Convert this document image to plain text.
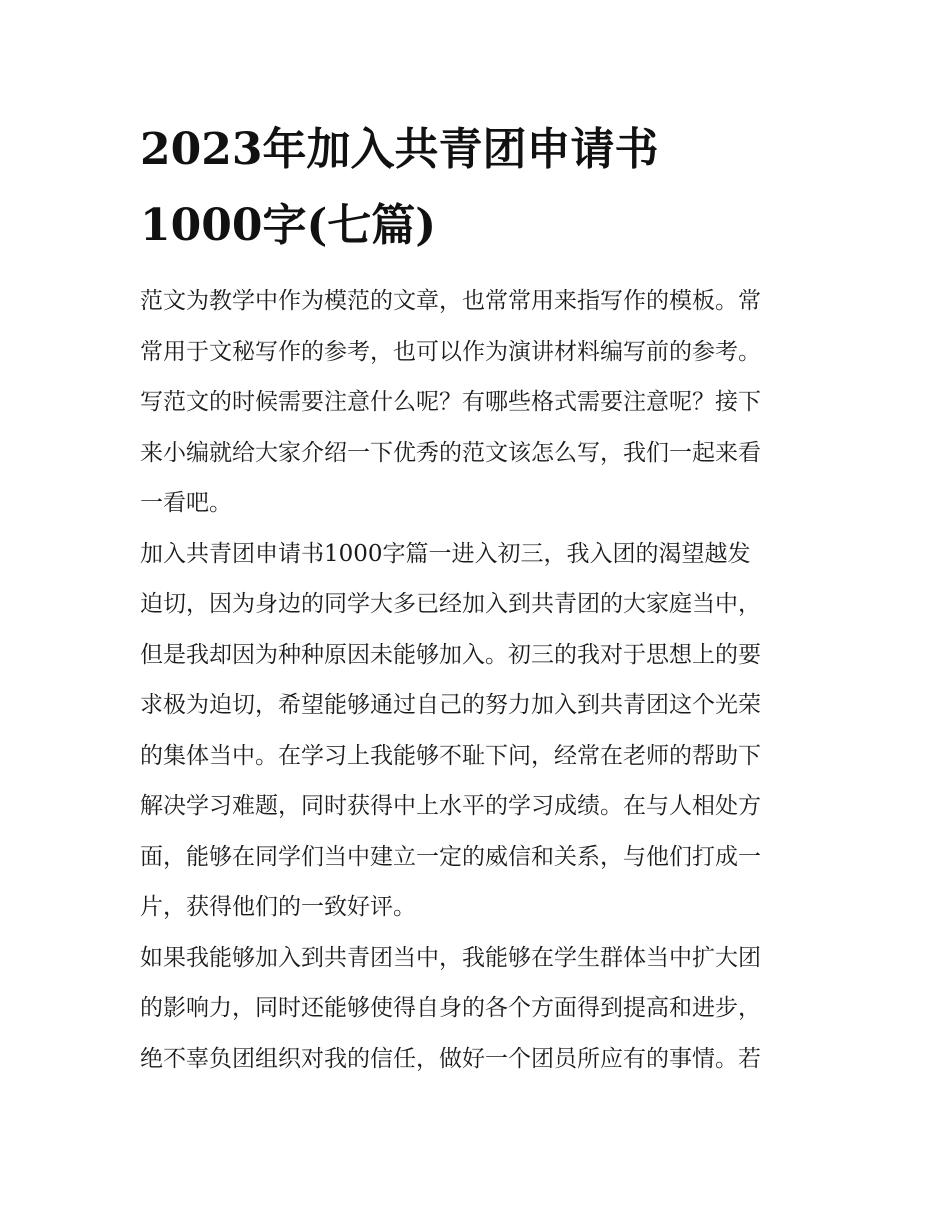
2023年加入共青团申请书
1000字(七篇)
范文为教学中作为模范的文章，也常常用来指写作的模板。常
常用于文秘写作的参考，也可以作为演讲材料编写前的参考。
写范文的时候需要注意什么呢？有哪些格式需要注意呢？接下
来小编就给大家介绍一下优秀的范文该怎么写，我们一起来看
一看吧。
加入共青团申请书1000字篇一进入初三，我入团的渴望越发
迫切，因为身边的同学大多已经加入到共青团的大家庭当中，
但是我却因为种种原因未能够加入。初三的我对于思想上的要
求极为迫切，希望能够通过自己的努力加入到共青团这个光荣
的集体当中。在学习上我能够不耻下问，经常在老师的帮助下
解决学习难题，同时获得中上水平的学习成绩。在与人相处方
面，能够在同学们当中建立一定的威信和关系，与他们打成一
片，获得他们的一致好评。
如果我能够加入到共青团当中，我能够在学生群体当中扩大团
的影响力，同时还能够使得自身的各个方面得到提高和进步，
绝不辜负团组织对我的信任，做好一个团员所应有的事情。若
